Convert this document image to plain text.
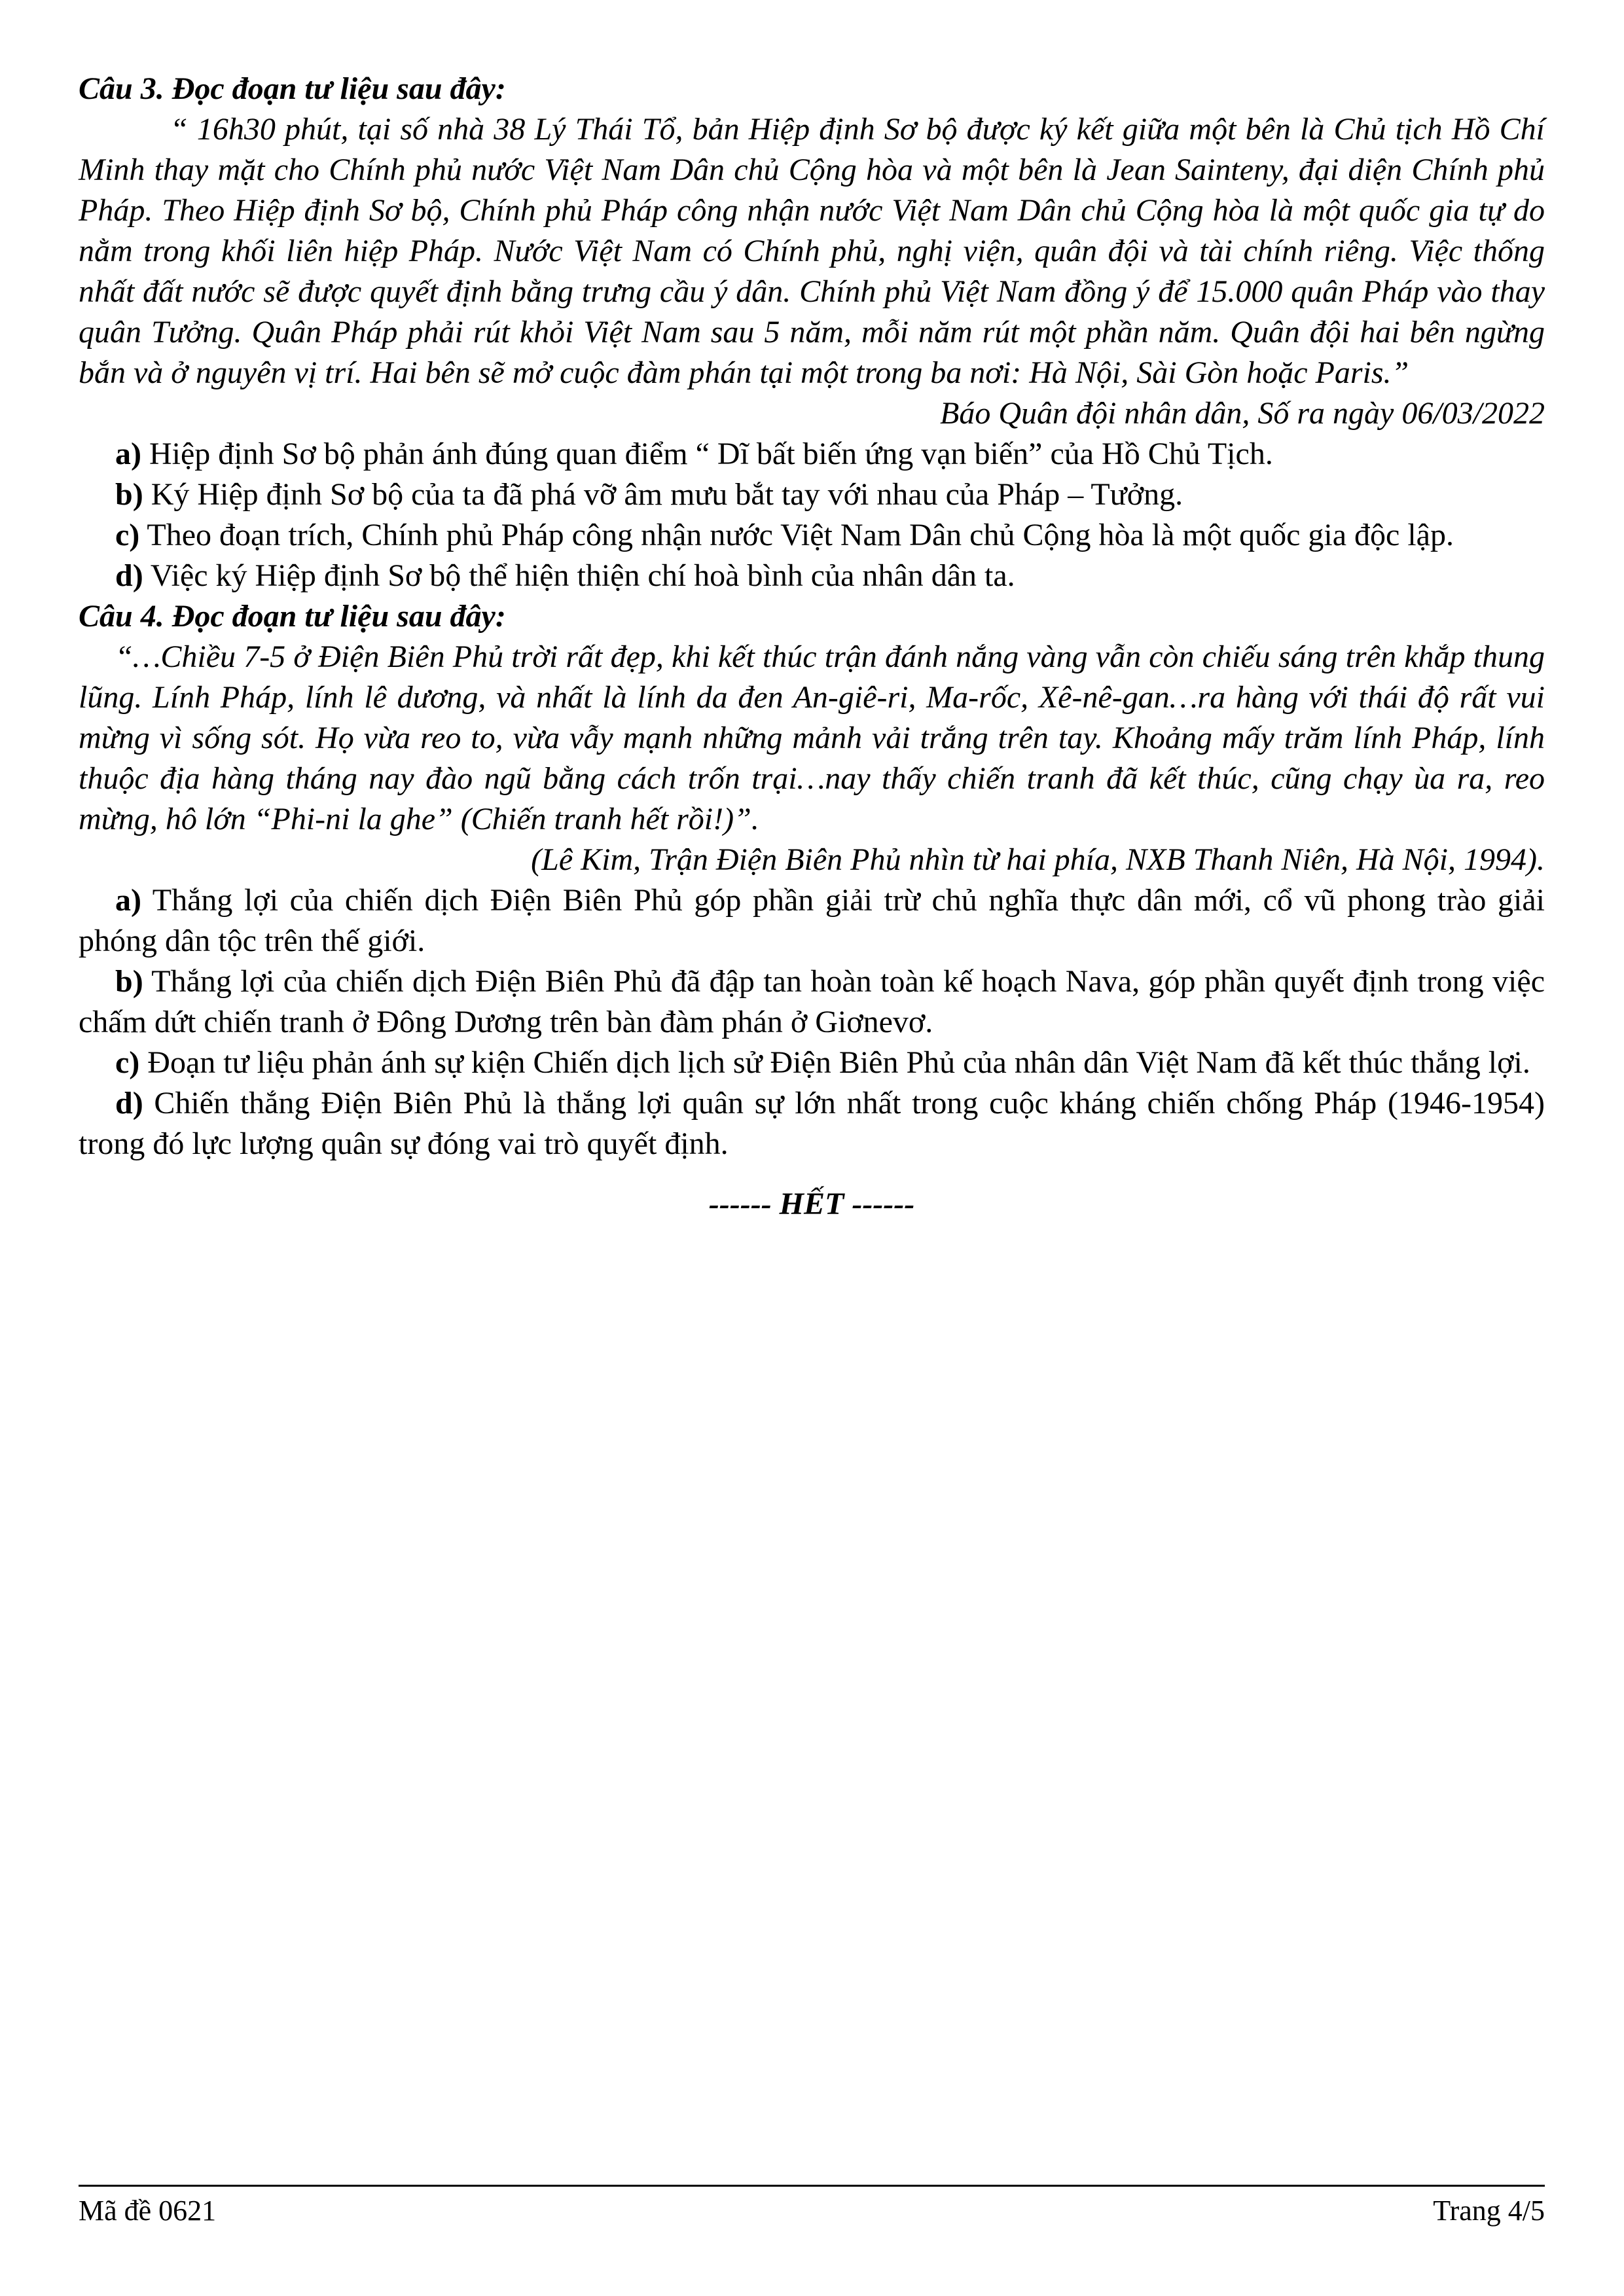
Câu 3. Đọc đoạn tư liệu sau đây:

“ 16h30 phút, tại số nhà 38 Lý Thái Tổ, bản Hiệp định Sơ bộ được ký kết giữa một bên là Chủ tịch Hồ Chí Minh thay mặt cho Chính phủ nước Việt Nam Dân chủ Cộng hòa và một bên là Jean Sainteny, đại diện Chính phủ Pháp. Theo Hiệp định Sơ bộ, Chính phủ Pháp công nhận nước Việt Nam Dân chủ Cộng hòa là một quốc gia tự do nằm trong khối liên hiệp Pháp. Nước Việt Nam có Chính phủ, nghị viện, quân đội và tài chính riêng. Việc thống nhất đất nước sẽ được quyết định bằng trưng cầu ý dân. Chính phủ Việt Nam đồng ý để 15.000 quân Pháp vào thay quân Tưởng. Quân Pháp phải rút khỏi Việt Nam sau 5 năm, mỗi năm rút một phần năm. Quân đội hai bên ngừng bắn và ở nguyên vị trí. Hai bên sẽ mở cuộc đàm phán tại một trong ba nơi: Hà Nội, Sài Gòn hoặc Paris.”

Báo Quân đội nhân dân, Số ra ngày 06/03/2022

a) Hiệp định Sơ bộ phản ánh đúng quan điểm “ Dĩ bất biến ứng vạn biến” của Hồ Chủ Tịch.

b) Ký Hiệp định Sơ bộ của ta đã phá vỡ âm mưu bắt tay với nhau của Pháp – Tưởng.

c) Theo đoạn trích, Chính phủ Pháp công nhận nước Việt Nam Dân chủ Cộng hòa là một quốc gia độc lập.

d) Việc ký Hiệp định Sơ bộ thể hiện thiện chí hoà bình của nhân dân ta.

Câu 4. Đọc đoạn tư liệu sau đây:

“…Chiều 7-5 ở Điện Biên Phủ trời rất đẹp, khi kết thúc trận đánh nắng vàng vẫn còn chiếu sáng trên khắp thung lũng. Lính Pháp, lính lê dương, và nhất là lính da đen An-giê-ri, Ma-rốc, Xê-nê-gan…ra hàng với thái độ rất vui mừng vì sống sót. Họ vừa reo to, vừa vẫy mạnh những mảnh vải trắng trên tay. Khoảng mấy trăm lính Pháp, lính thuộc địa hàng tháng nay đào ngũ bằng cách trốn trại…nay thấy chiến tranh đã kết thúc, cũng chạy ùa ra, reo mừng, hô lớn “Phi-ni la ghe” (Chiến tranh hết rồi!)”.

(Lê Kim, Trận Điện Biên Phủ nhìn từ hai phía, NXB Thanh Niên, Hà Nội, 1994).

a) Thắng lợi của chiến dịch Điện Biên Phủ góp phần giải trừ chủ nghĩa thực dân mới, cổ vũ phong trào giải phóng dân tộc trên thế giới.

b) Thắng lợi của chiến dịch Điện Biên Phủ đã đập tan hoàn toàn kế hoạch Nava, góp phần quyết định trong việc chấm dứt chiến tranh ở Đông Dương trên bàn đàm phán ở Giơnevơ.

c) Đoạn tư liệu phản ánh sự kiện Chiến dịch lịch sử Điện Biên Phủ của nhân dân Việt Nam đã kết thúc thắng lợi.

d) Chiến thắng Điện Biên Phủ là thắng lợi quân sự lớn nhất trong cuộc kháng chiến chống Pháp (1946-1954) trong đó lực lượng quân sự đóng vai trò quyết định.

------ HẾT ------

Mã đề 0621	Trang 4/5
